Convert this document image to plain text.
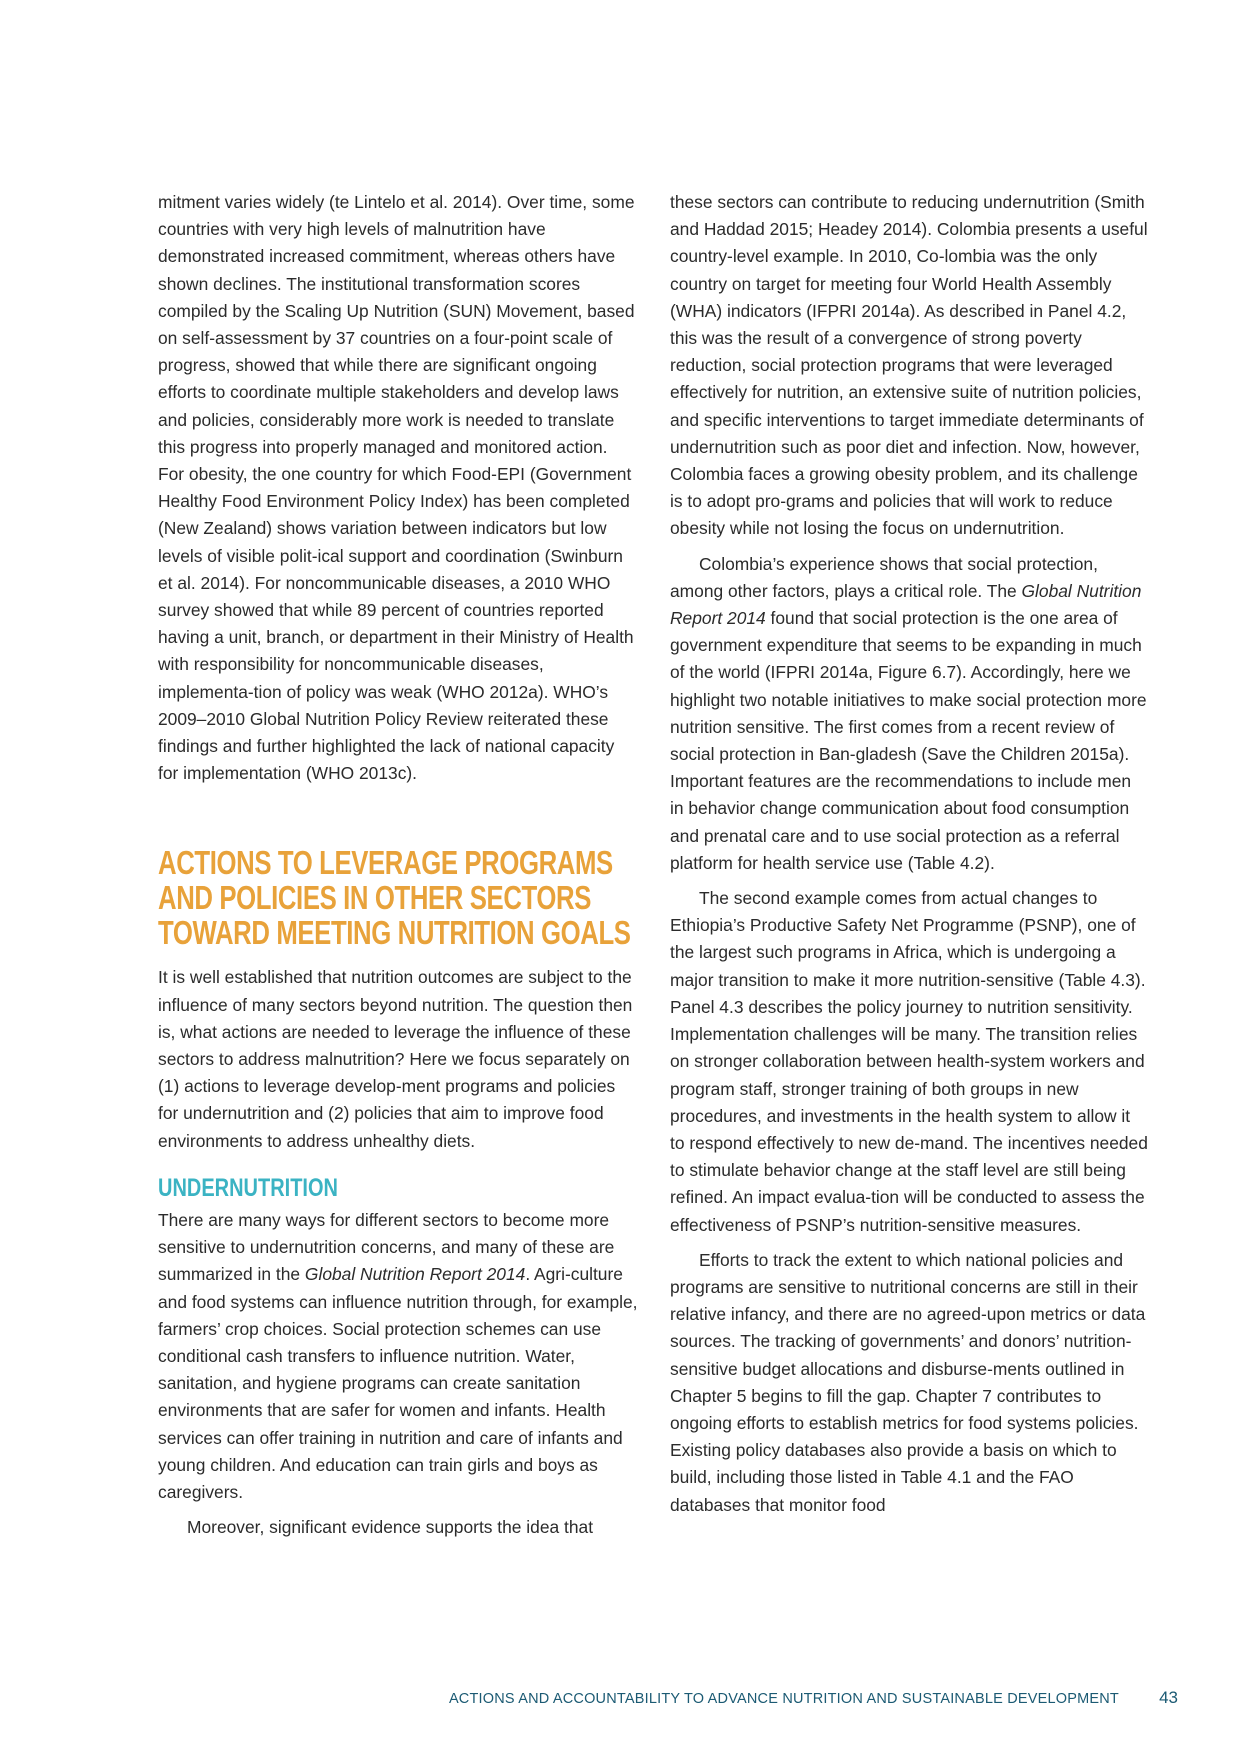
mitment varies widely (te Lintelo et al. 2014). Over time, some countries with very high levels of malnutrition have demonstrated increased commitment, whereas others have shown declines. The institutional transformation scores compiled by the Scaling Up Nutrition (SUN) Movement, based on self-assessment by 37 countries on a four-point scale of progress, showed that while there are significant ongoing efforts to coordinate multiple stakeholders and develop laws and policies, considerably more work is needed to translate this progress into properly managed and monitored action. For obesity, the one country for which Food-EPI (Government Healthy Food Environment Policy Index) has been completed (New Zealand) shows variation between indicators but low levels of visible polit-ical support and coordination (Swinburn et al. 2014). For noncommunicable diseases, a 2010 WHO survey showed that while 89 percent of countries reported having a unit, branch, or department in their Ministry of Health with responsibility for noncommunicable diseases, implementa-tion of policy was weak (WHO 2012a). WHO’s 2009–2010 Global Nutrition Policy Review reiterated these findings and further highlighted the lack of national capacity for implementation (WHO 2013c).

ACTIONS TO LEVERAGE PROGRAMS AND POLICIES IN OTHER SECTORS TOWARD MEETING NUTRITION GOALS

It is well established that nutrition outcomes are subject to the influence of many sectors beyond nutrition. The question then is, what actions are needed to leverage the influence of these sectors to address malnutrition? Here we focus separately on (1) actions to leverage develop-ment programs and policies for undernutrition and (2) policies that aim to improve food environments to address unhealthy diets.

UNDERNUTRITION

There are many ways for different sectors to become more sensitive to undernutrition concerns, and many of these are summarized in the Global Nutrition Report 2014. Agri-culture and food systems can influence nutrition through, for example, farmers’ crop choices. Social protection schemes can use conditional cash transfers to influence nutrition. Water, sanitation, and hygiene programs can create sanitation environments that are safer for women and infants. Health services can offer training in nutrition and care of infants and young children. And education can train girls and boys as caregivers.

Moreover, significant evidence supports the idea that

these sectors can contribute to reducing undernutrition (Smith and Haddad 2015; Headey 2014). Colombia presents a useful country-level example. In 2010, Co-lombia was the only country on target for meeting four World Health Assembly (WHA) indicators (IFPRI 2014a). As described in Panel 4.2, this was the result of a convergence of strong poverty reduction, social protection programs that were leveraged effectively for nutrition, an extensive suite of nutrition policies, and specific interventions to target immediate determinants of undernutrition such as poor diet and infection. Now, however, Colombia faces a growing obesity problem, and its challenge is to adopt pro-grams and policies that will work to reduce obesity while not losing the focus on undernutrition.

Colombia’s experience shows that social protection, among other factors, plays a critical role. The Global Nutrition Report 2014 found that social protection is the one area of government expenditure that seems to be expanding in much of the world (IFPRI 2014a, Figure 6.7). Accordingly, here we highlight two notable initiatives to make social protection more nutrition sensitive. The first comes from a recent review of social protection in Ban-gladesh (Save the Children 2015a). Important features are the recommendations to include men in behavior change communication about food consumption and prenatal care and to use social protection as a referral platform for health service use (Table 4.2).

The second example comes from actual changes to Ethiopia’s Productive Safety Net Programme (PSNP), one of the largest such programs in Africa, which is undergoing a major transition to make it more nutrition-sensitive (Table 4.3). Panel 4.3 describes the policy journey to nutrition sensitivity. Implementation challenges will be many. The transition relies on stronger collaboration between health-system workers and program staff, stronger training of both groups in new procedures, and investments in the health system to allow it to respond effectively to new de-mand. The incentives needed to stimulate behavior change at the staff level are still being refined. An impact evalua-tion will be conducted to assess the effectiveness of PSNP’s nutrition-sensitive measures.

Efforts to track the extent to which national policies and programs are sensitive to nutritional concerns are still in their relative infancy, and there are no agreed-upon metrics or data sources. The tracking of governments’ and donors’ nutrition-sensitive budget allocations and disburse-ments outlined in Chapter 5 begins to fill the gap. Chapter 7 contributes to ongoing efforts to establish metrics for food systems policies. Existing policy databases also provide a basis on which to build, including those listed in Table 4.1 and the FAO databases that monitor food

ACTIONS AND ACCOUNTABILITY TO ADVANCE NUTRITION AND SUSTAINABLE DEVELOPMENT 43
